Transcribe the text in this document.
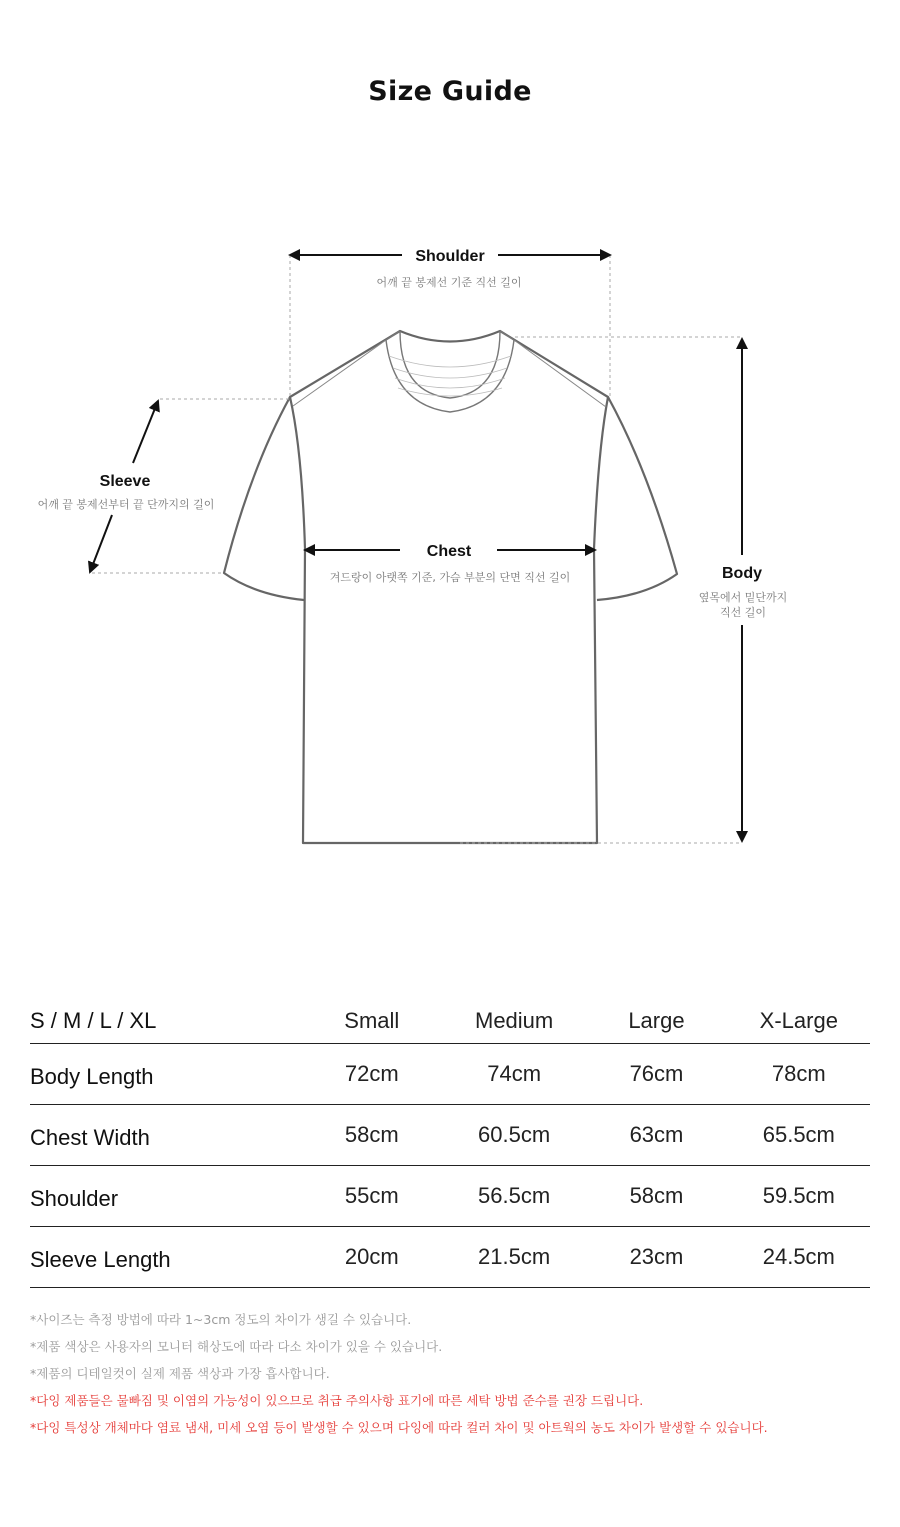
Size Guide
Shoulder
어깨 끝 봉제선 기준 직선 길이
Sleeve
어깨 끝 봉제선부터 끝 단까지의 길이
Chest
겨드랑이 아랫쪽 기준, 가슴 부분의 단면 직선 길이	Body
옆목에서 밑단까지
직선 길이
S / M / L / XL	Small	Medium	Large	X-Large
Body Length	72cm	74cm	76cm	78cm
Chest Width	58cm	60.5cm	63cm	65.5cm
Shoulder	55cm	56.5cm	58cm	59.5cm
Sleeve Length	20cm	21.5cm	23cm	24.5cm
*사이즈는 측정 방법에 따라 1~3cm 정도의 차이가 생길 수 있습니다.
*제품 색상은 사용자의 모니터 해상도에 따라 다소 차이가 있을 수 있습니다.
*제품의 디테일컷이 실제 제품 색상과 가장 흡사합니다.
*다잉 제품들은 물빠짐 및 이염의 가능성이 있으므로 취급 주의사항 표기에 따른 세탁 방법 준수를 권장 드립니다.
*다잉 특성상 개체마다 염료 냄새, 미세 오염 등이 발생할 수 있으며 다잉에 따라 컬러 차이 및 아트웍의 농도 차이가 발생할 수 있습니다.
